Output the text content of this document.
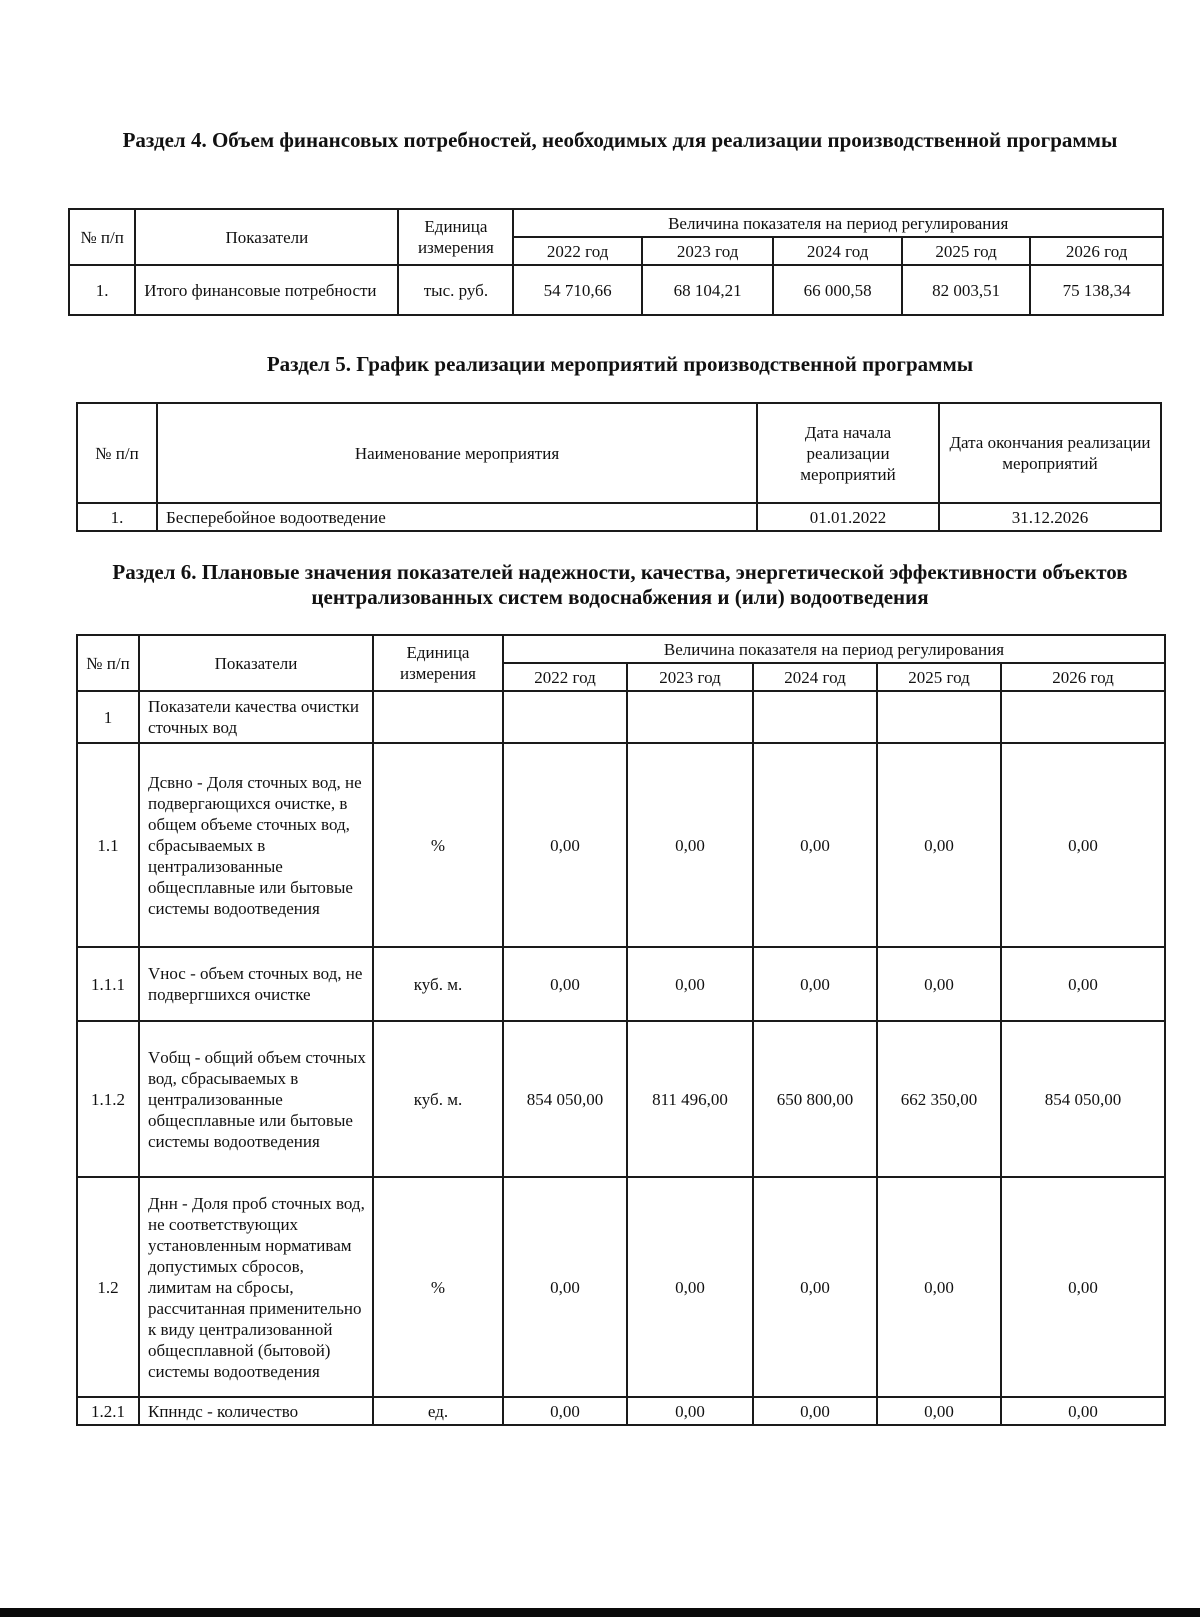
Раздел 4. Объем финансовых потребностей, необходимых для реализации производственной программы
№ п/п	Показатели	Единица измерения	Величина показателя на период регулирования				
			2022 год	2023 год	2024 год	2025 год	2026 год
1.	Итого финансовые потребности	тыс. руб.	54 710,66	68 104,21	66 000,58	82 003,51	75 138,34
Раздел 5. График реализации мероприятий производственной программы
№ п/п	Наименование мероприятия	Дата начала реализации мероприятий	Дата окончания реализации мероприятий
1.	Бесперебойное водоотведение	01.01.2022	31.12.2026
Раздел 6. Плановые значения показателей надежности, качества, энергетической эффективности объектов централизованных систем водоснабжения и (или) водоотведения
№ п/п	Показатели	Единица измерения	Величина показателя на период регулирования				
			2022 год	2023 год	2024 год	2025 год	2026 год
1	Показатели качества очистки сточных вод						
1.1	Дсвно - Доля сточных вод, не подвергающихся очистке, в общем объеме сточных вод, сбрасываемых в централизованные общесплавные или бытовые системы водоотведения	%	0,00	0,00	0,00	0,00	0,00
1.1.1	Vнос - объем сточных вод, не подвергшихся очистке	куб. м.	0,00	0,00	0,00	0,00	0,00
1.1.2	Vобщ - общий объем сточных вод, сбрасываемых в централизованные общесплавные или бытовые системы водоотведения	куб. м.	854 050,00	811 496,00	650 800,00	662 350,00	854 050,00
1.2	Днн - Доля проб сточных вод, не соответствующих установленным нормативам допустимых сбросов, лимитам на сбросы, рассчитанная применительно к виду централизованной общесплавной (бытовой) системы водоотведения	%	0,00	0,00	0,00	0,00	0,00
1.2.1	Кпнндс - количество	ед.	0,00	0,00	0,00	0,00	0,00
